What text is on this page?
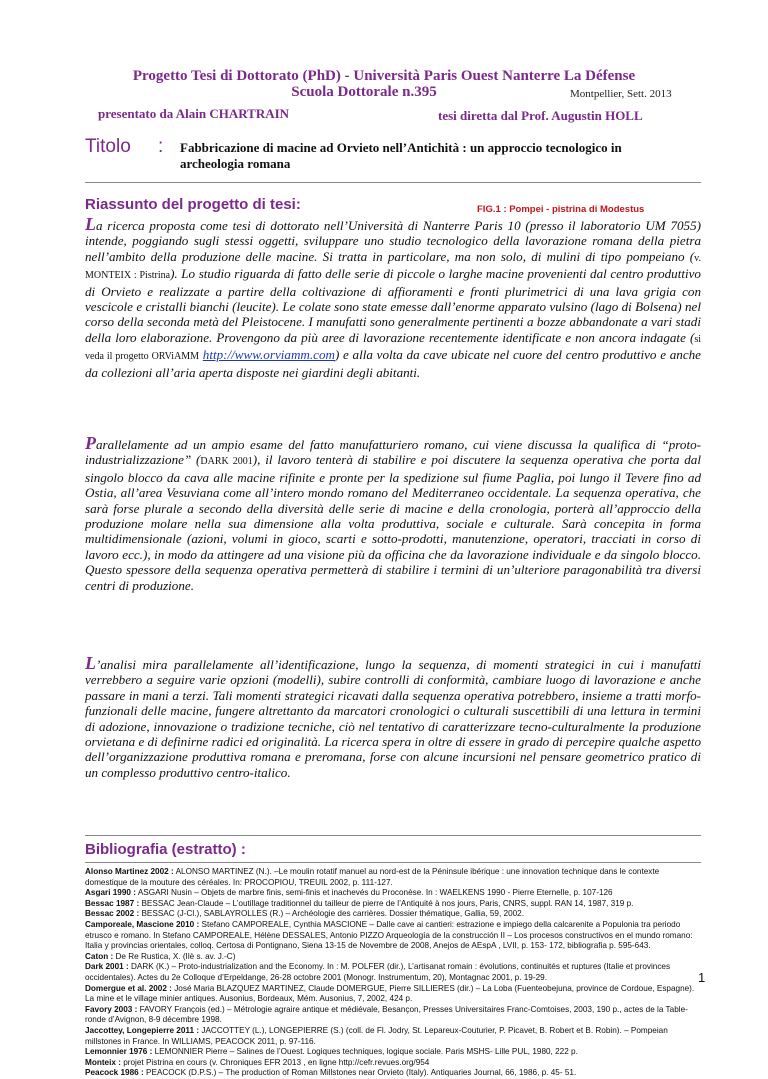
Progetto Tesi di Dottorato (PhD) - Università Paris Ouest Nanterre La Défense
Scuola Dottorale n.395	Montpellier, Sett. 2013
presentato da Alain CHARTRAIN	tesi diretta dal Prof. Augustin HOLL
Titolo : Fabbricazione di macine ad Orvieto nell’Antichità : un approccio tecnologico in
archeologia romana
Riassunto del progetto di tesi:	FIG.1 : Pompei - pistrina di Modestus
La ricerca proposta come tesi di dottorato nell’Università di Nanterre Paris 10 (presso il laboratorio UM 7055) intende, poggiando sugli stessi oggetti, sviluppare uno studio tecnologico della lavorazione romana della pietra nell’ambito della produzione delle macine. Si tratta in particolare, ma non solo, di mulini di tipo pompeiano (v. MONTEIX : Pistrina). Lo studio riguarda di fatto delle serie di piccole o larghe macine provenienti dal centro produttivo di Orvieto e realizzate a partire della coltivazione di affioramenti e fronti plurimetrici di una lava grigia con vescicole e cristalli bianchi (leucite). Le colate sono state emesse dall’enorme apparato vulsino (lago di Bolsena) nel corso della seconda metà del Pleistocene. I manufatti sono generalmente pertinenti a bozze abbandonate a vari stadi della loro elaborazione. Provengono da più aree di lavorazione recentemente identificate e non ancora indagate (si veda il progetto ORViAMM http://www.orviamm.com) e alla volta da cave ubicate nel cuore del centro produttivo e anche da collezioni all’aria aperta disposte nei giardini degli abitanti.
Parallelamente ad un ampio esame del fatto manufatturiero romano, cui viene discussa la qualifica di “proto-industrializzazione” (DARK 2001), il lavoro tenterà di stabilire e poi discutere la sequenza operativa che porta dal singolo blocco da cava alle macine rifinite e pronte per la spedizione sul fiume Paglia, poi lungo il Tevere fino ad Ostia, all’area Vesuviana come all’intero mondo romano del Mediterraneo occidentale. La sequenza operativa, che sarà forse plurale a secondo della diversità delle serie di macine e della cronologia, porterà all’approccio della produzione molare nella sua dimensione alla volta produttiva, sociale e culturale. Sarà concepita in forma multidimensionale (azioni, volumi in gioco, scarti e sotto-prodotti, manutenzione, operatori, tracciati in corso di lavoro ecc.), in modo da attingere ad una visione più da officina che da lavorazione individuale e da singolo blocco. Questo spessore della sequenza operativa permetterà di stabilire i termini di un’ulteriore paragonabilità tra diversi centri di produzione.
L’analisi mira parallelamente all’identificazione, lungo la sequenza, di momenti strategici in cui i manufatti verrebbero a seguire varie opzioni (modelli), subire controlli di conformità, cambiare luogo di lavorazione e anche passare in mani a terzi. Tali momenti strategici ricavati dalla sequenza operativa potrebbero, insieme a tratti morfo-funzionali delle macine, fungere altrettanto da marcatori cronologici o culturali suscettibili di una lettura in termini di adozione, innovazione o tradizione tecniche, ciò nel tentativo di caratterizzare tecno-culturalmente la produzione orvietana e di definirne radici ed originalità. La ricerca spera in oltre di essere in grado di percepire qualche aspetto dell’organizzazione produttiva romana e preromana, forse con alcune incursioni nel pensare geometrico pratico di un complesso produttivo centro-italico.
Bibliografia (estratto) :
Alonso Martinez 2002 : ALONSO MARTINEZ (N.). –Le moulin rotatif manuel au nord-est de la Péninsule ibérique : une innovation technique dans le contexte domestique de la mouture des céréales. In: PROCOPIOU, TREUIL 2002, p. 111-127.
Asgari 1990 : ASGARI Nusin – Objets de marbre finis, semi-finis et inachevés du Proconèse. In : WAELKENS 1990 - Pierre Eternelle, p. 107-126
Bessac 1987 : BESSAC Jean-Claude – L’outillage traditionnel du tailleur de pierre de l’Antiquité à nos jours, Paris, CNRS, suppl. RAN 14, 1987, 319 p.
Bessac 2002 : BESSAC (J-Cl.), SABLAYROLLES (R.) – Archéologie des carrières. Dossier thématique, Gallia, 59, 2002.
Camporeale, Mascione 2010 : Stefano CAMPOREALE, Cynthia MASCIONE – Dalle cave ai cantieri: estrazione e impiego della calcarenite a Populonia tra periodo etrusco e romano. In Stefano CAMPOREALE, Hélène DESSALES, Antonio PIZZO Arqueología de la construcción II – Los procesos constructivos en el mundo romano: Italia y provincias orientales, colloq. Certosa di Pontignano, Siena 13-15 de Novembre de 2008, Anejos de AEspA , LVII, p. 153- 172, bibliografia p. 595-643.
Caton : De Re Rustica, X. (Ilè s. av. J.-C)
Dark 2001 : DARK (K.) – Proto-industrialization and the Economy. In : M. POLFER (dir.), L’artisanat romain : évolutions, continuités et ruptures (Italie et provinces occidentales). Actes du 2e Colloque d’Erpeldange, 26-28 octobre 2001 (Monogr. Instrumentum, 20), Montagnac 2001, p. 19-29.
Domergue et al. 2002 : José Maria BLAZQUEZ MARTINEZ, Claude DOMERGUE, Pierre SILLIERES (dir.) – La Loba (Fuenteobejuna, province de Cordoue, Espagne). La mine et le village minier antiques. Ausonius, Bordeaux, Mém. Ausonius, 7, 2002, 424 p.
Favory 2003 : FAVORY François (ed.) – Métrologie agraire antique et médiévale, Besançon, Presses Universitaires Franc-Comtoises, 2003, 190 p., actes de la Table-ronde d’Avignon, 8-9 décembre 1998.
Jaccottey, Longepierre 2011 : JACCOTTEY (L.), LONGEPIERRE (S.) (coll. de Fl. Jodry, St. Lepareux-Couturier, P. Picavet, B. Robert et B. Robin). – Pompeian millstones in France. In WILLIAMS, PEACOCK 2011, p. 97-116.
Lemonnier 1976 : LEMONNIER Pierre – Salines de l’Ouest. Logiques techniques, logique sociale. Paris MSHS- Lille PUL, 1980, 222 p.
Monteix : projet Pistrina en cours (v. Chroniques EFR 2013 , en ligne http://cefr.revues.org/954
Peacock 1986 : PEACOCK (D.P.S.) – The production of Roman Millstones near Orvieto (Italy). Antiquaries Journal, 66, 1986, p. 45- 51.
1
